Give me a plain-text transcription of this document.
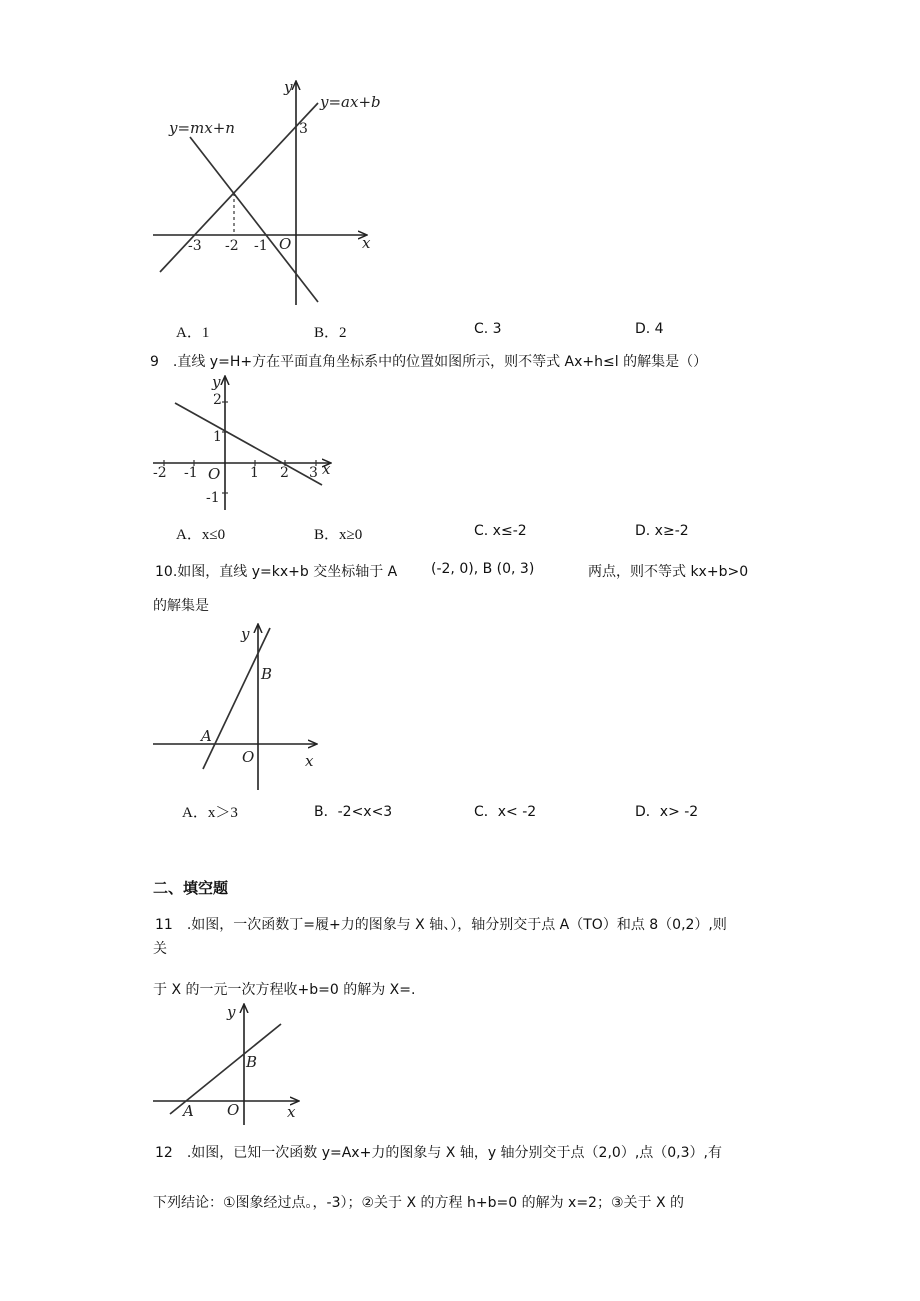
y
x
y=ax+b
y=mx+n	3
O
-3 -2 -1
A．1	B．2	C. 3	D. 4
9　.直线 y=H+方在平面直角坐标系中的位置如图所示，则不等式 Ax+h≤l 的解集是（）
y
x
2
1
-1
O
-2 -1	1 2 3
A．x≤0	B．x≥0	C. x≤-2	D. x≥-2
10.如图，直线 y=kx+b 交坐标轴于 A (-2, 0), B (0, 3)	两点，则不等式 kx+b>0
的解集是
y
x
O
A
B
A．x＞3	B．-2<x<3	C．x< -2	D．x> -2
二、填空题
11　.如图，一次函数丁=履+力的图象与 X 轴、），轴分别交于点 A（TO）和点 8（0,2）,则
关
于 X 的一元一次方程收+b=0 的解为 X=.
y
x
O
A
B
12　.如图，已知一次函数 y=Ax+力的图象与 X 轴，y 轴分别交于点（2,0）,点（0,3）,有
下列结论：①图象经过点。，-3）；②关于 X 的方程 h+b=0 的解为 x=2；③关于 X 的
